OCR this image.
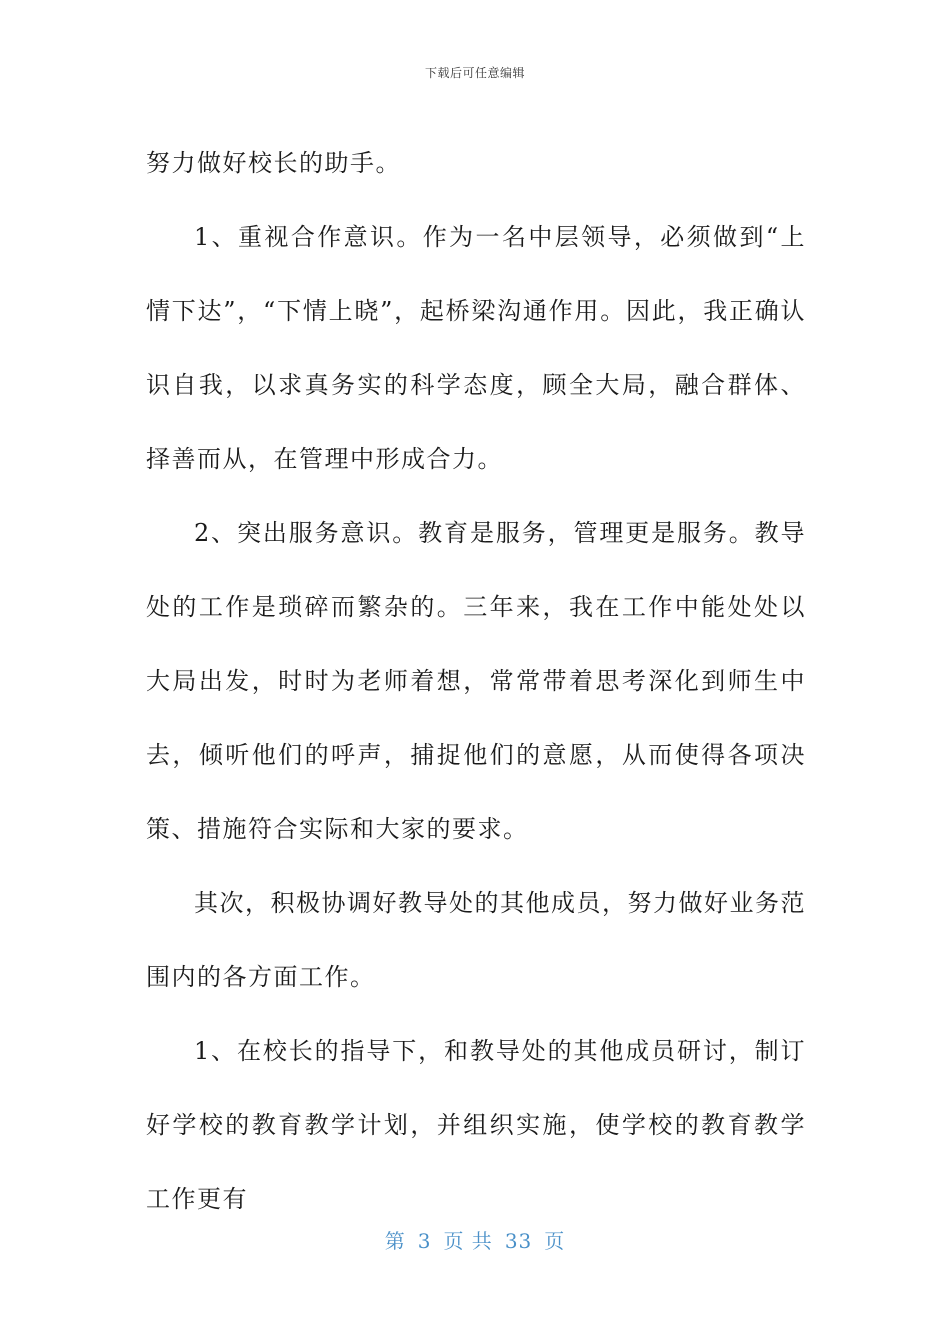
下载后可任意编辑

努力做好校长的助手。

1、重视合作意识。作为一名中层领导，必须做到“上情下达”，“下情上晓”，起桥梁沟通作用。因此，我正确认识自我，以求真务实的科学态度，顾全大局，融合群体、择善而从，在管理中形成合力。

2、突出服务意识。教育是服务，管理更是服务。教导处的工作是琐碎而繁杂的。三年来，我在工作中能处处以大局出发，时时为老师着想，常常带着思考深化到师生中去，倾听他们的呼声，捕捉他们的意愿，从而使得各项决策、措施符合实际和大家的要求。

其次，积极协调好教导处的其他成员，努力做好业务范围内的各方面工作。

1、在校长的指导下，和教导处的其他成员研讨，制订好学校的教育教学计划，并组织实施，使学校的教育教学工作更有

第 3 页 共 33 页
